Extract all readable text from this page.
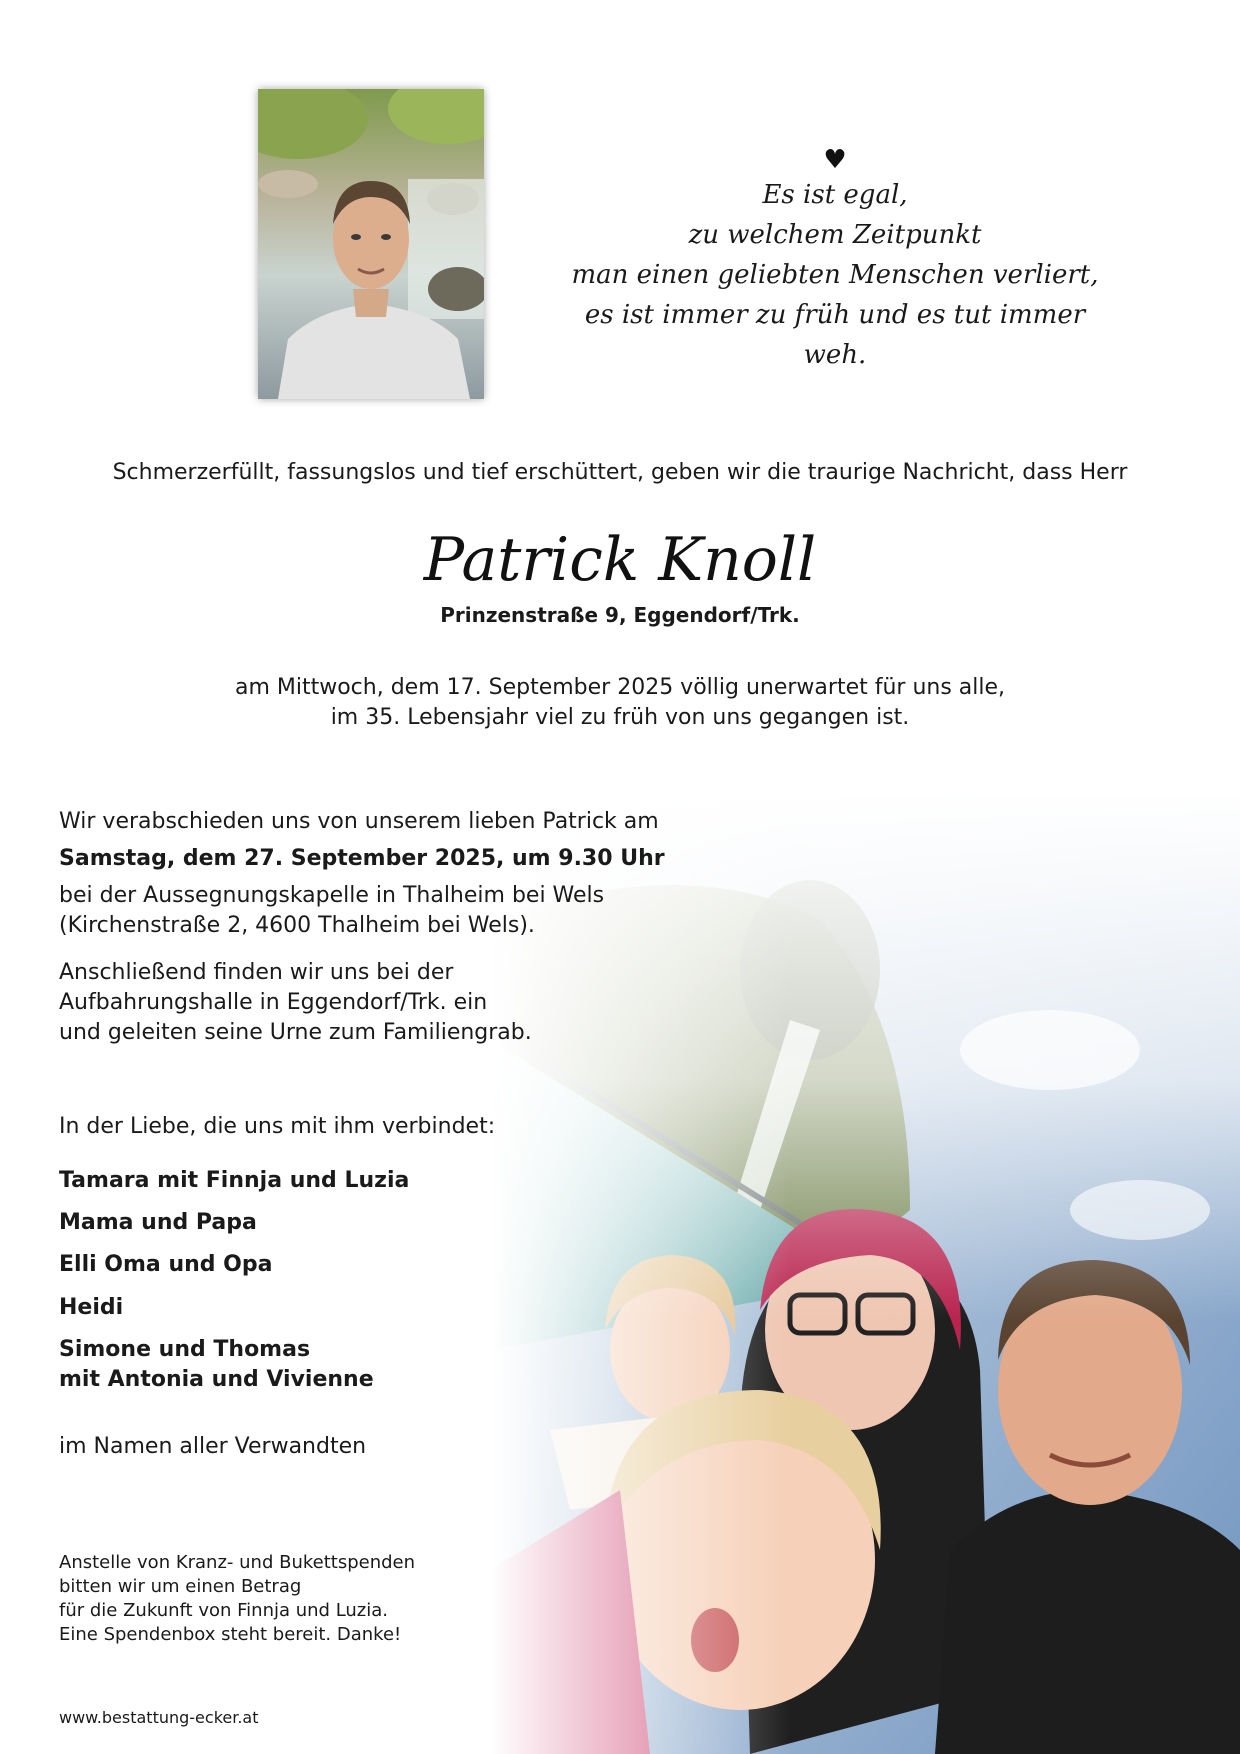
♥
Es ist egal,
zu welchem Zeitpunkt
man einen geliebten Menschen verliert,
es ist immer zu früh und es tut immer weh.
Schmerzerfüllt, fassungslos und tief erschüttert, geben wir die traurige Nachricht, dass Herr
Patrick Knoll
Prinzenstraße 9, Eggendorf/Trk.
am Mittwoch, dem 17. September 2025 völlig unerwartet für uns alle,
im 35. Lebensjahr viel zu früh von uns gegangen ist.
Wir verabschieden uns von unserem lieben Patrick am
Samstag, dem 27. September 2025, um 9.30 Uhr
bei der Aussegnungskapelle in Thalheim bei Wels
(Kirchenstraße 2, 4600 Thalheim bei Wels).
Anschließend finden wir uns bei der
Aufbahrungshalle in Eggendorf/Trk. ein
und geleiten seine Urne zum Familiengrab.
In der Liebe, die uns mit ihm verbindet:
Tamara mit Finnja und Luzia
Mama und Papa
Elli Oma und Opa
Heidi
Simone und Thomas
mit Antonia und Vivienne
im Namen aller Verwandten
Anstelle von Kranz- und Bukettspenden
bitten wir um einen Betrag
für die Zukunft von Finnja und Luzia.
Eine Spendenbox steht bereit. Danke!
www.bestattung-ecker.at
